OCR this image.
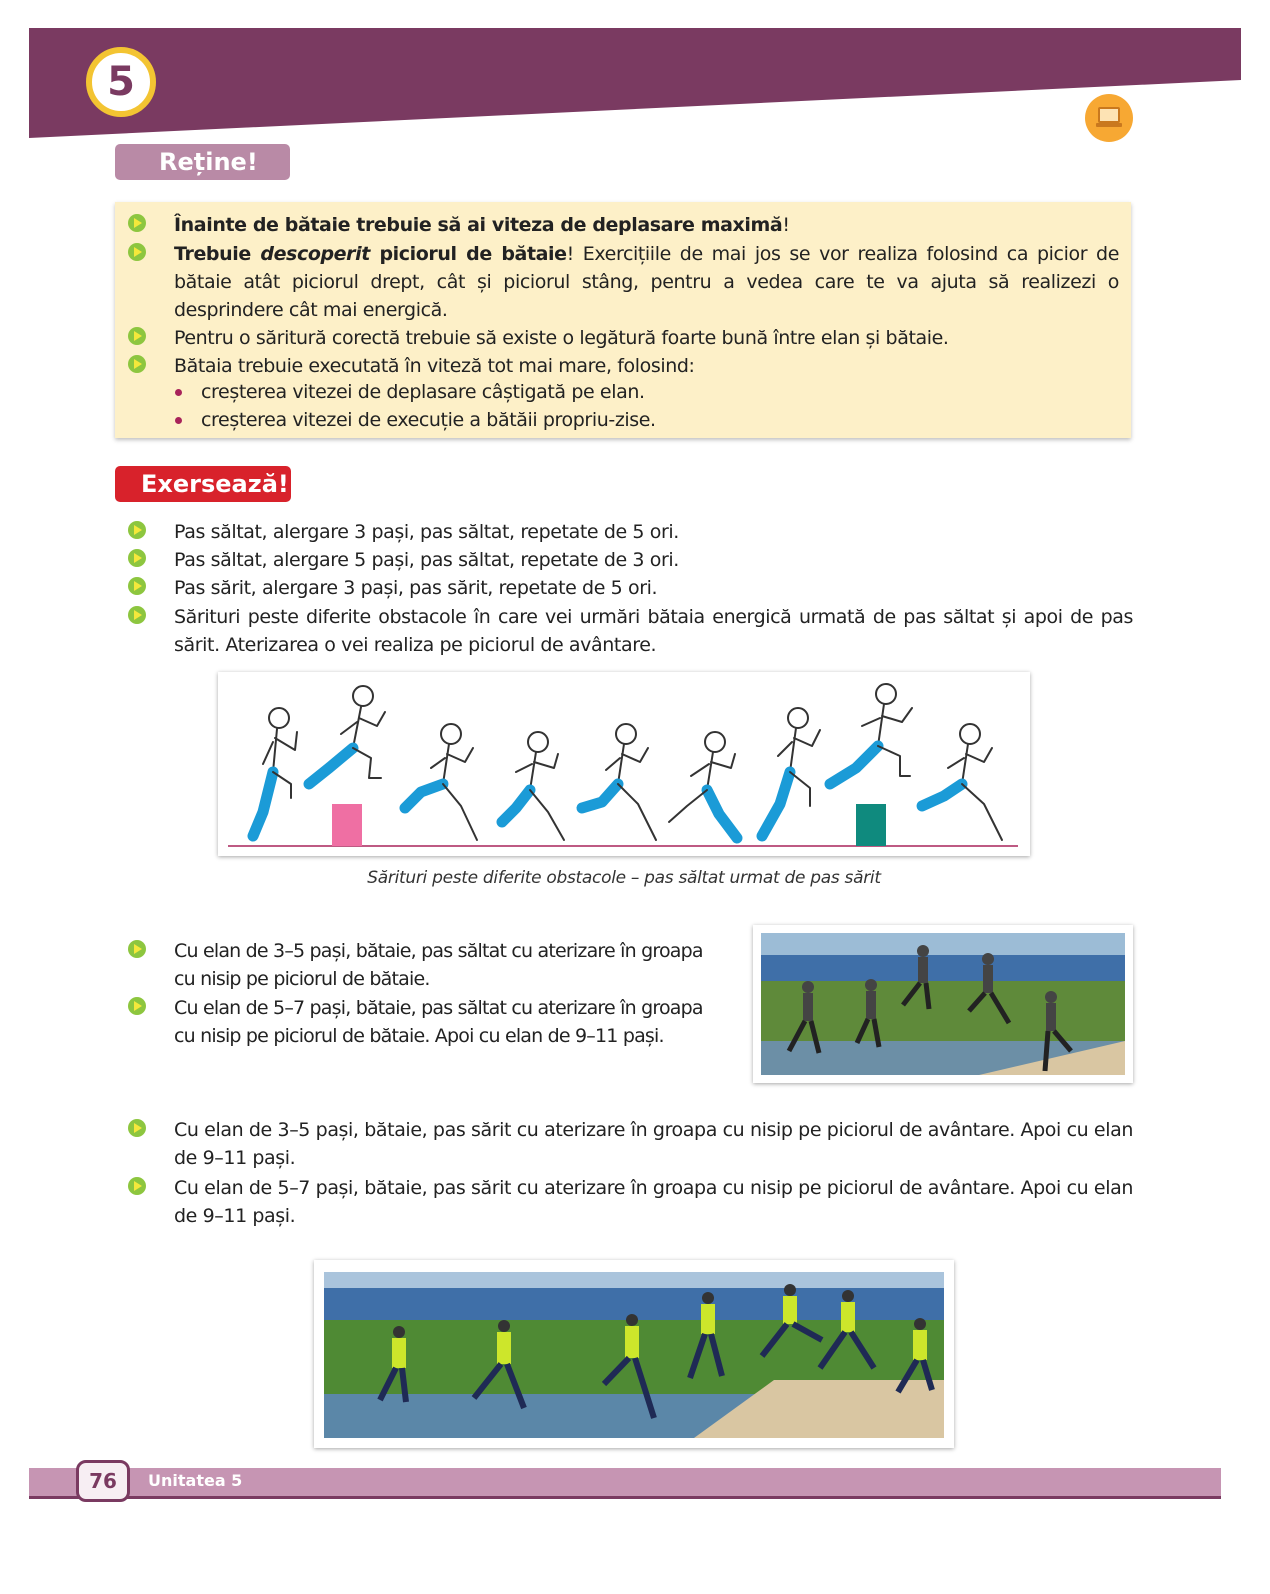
5
Reține!
Înainte de bătaie trebuie să ai viteza de deplasare maximă!
Trebuie descoperit piciorul de bătaie! Exercițiile de mai jos se vor realiza folosind ca picior de bătaie atât piciorul drept, cât și piciorul stâng, pentru a vedea care te va ajuta să realizezi o desprindere cât mai energică.
Pentru o săritură corectă trebuie să existe o legătură foarte bună între elan și bătaie.
Bătaia trebuie executată în viteză tot mai mare, folosind:
creșterea vitezei de deplasare câștigată pe elan.
creșterea vitezei de execuție a bătăii propriu-zise.
Exersează!
Pas săltat, alergare 3 pași, pas săltat, repetate de 5 ori.
Pas săltat, alergare 5 pași, pas săltat, repetate de 3 ori.
Pas sărit, alergare 3 pași, pas sărit, repetate de 5 ori.
Sărituri peste diferite obstacole în care vei urmări bătaia energică urmată de pas săltat și apoi de pas sărit. Aterizarea o vei realiza pe piciorul de avântare.
Sărituri peste diferite obstacole – pas săltat urmat de pas sărit
Cu elan de 3–5 pași, bătaie, pas săltat cu aterizare în groapa cu nisip pe piciorul de bătaie.
Cu elan de 5–7 pași, bătaie, pas săltat cu aterizare în groapa cu nisip pe piciorul de bătaie. Apoi cu elan de 9–11 pași.
Cu elan de 3–5 pași, bătaie, pas sărit cu aterizare în groapa cu nisip pe piciorul de avântare. Apoi cu elan de 9–11 pași.
Cu elan de 5–7 pași, bătaie, pas sărit cu aterizare în groapa cu nisip pe piciorul de avântare. Apoi cu elan de 9–11 pași.
76 Unitatea 5
